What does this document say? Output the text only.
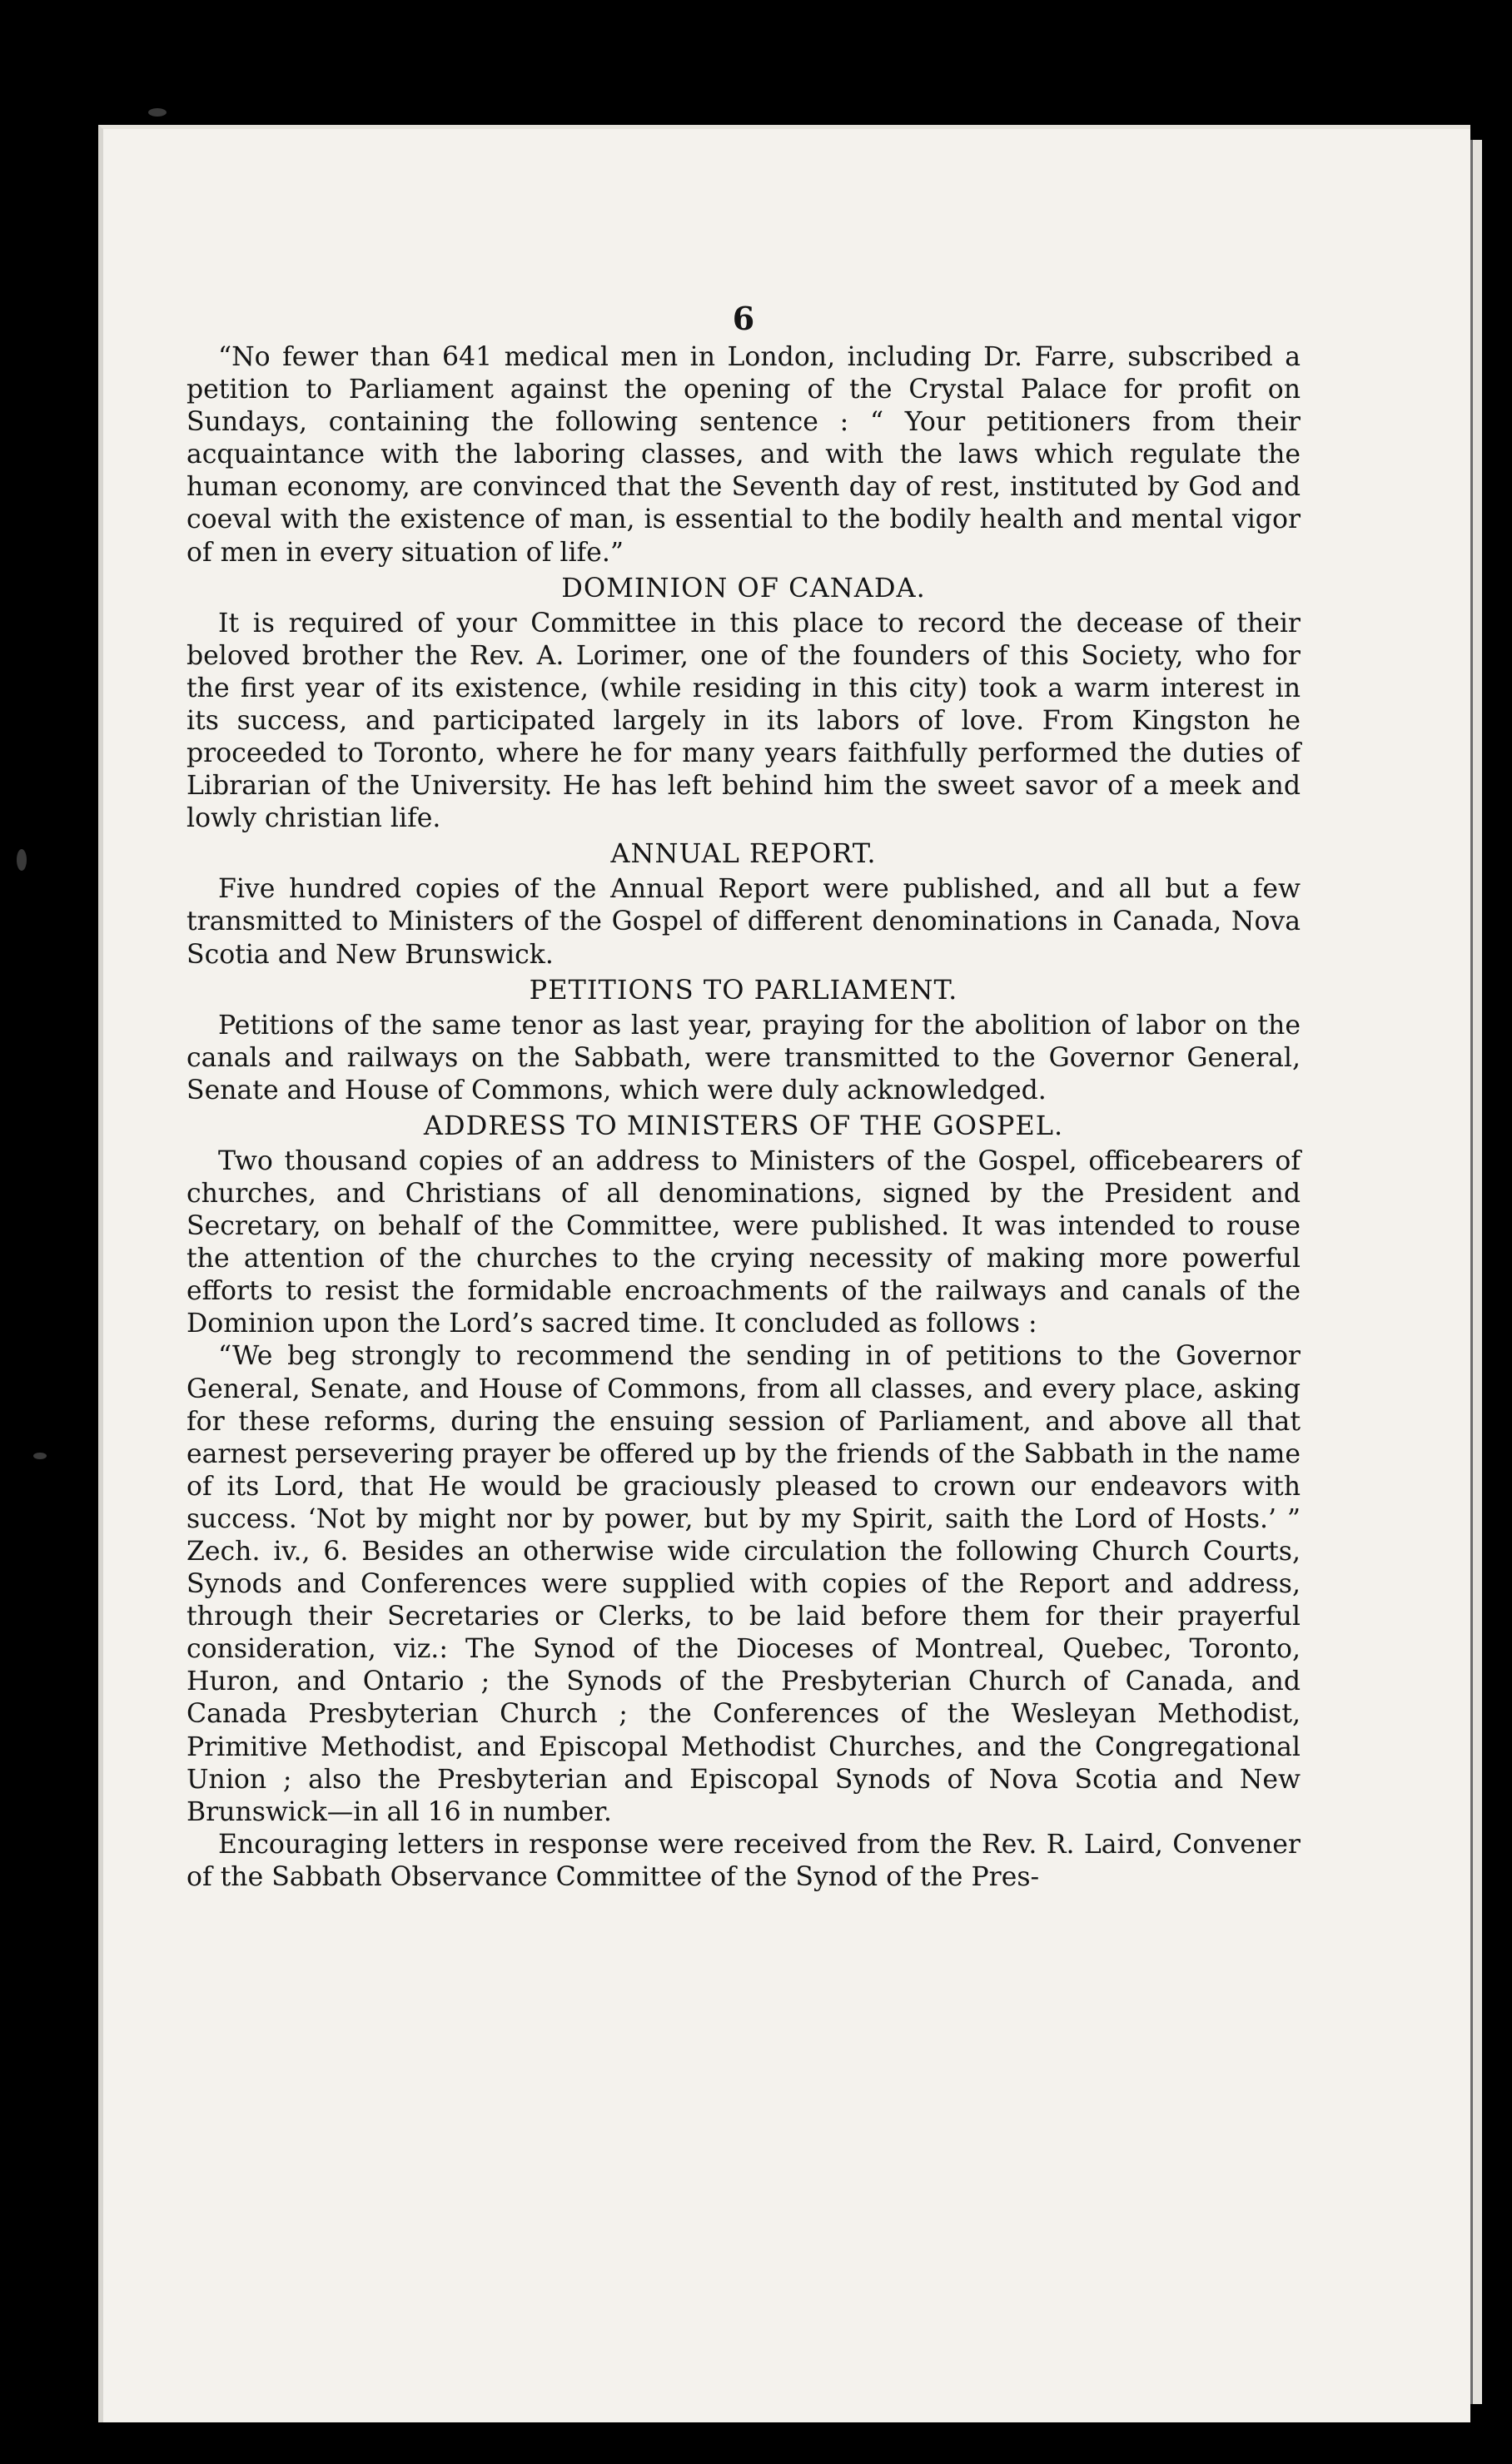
6

“No fewer than 641 medical men in London, including Dr. Farre, subscribed a petition to Parliament against the opening of the Crystal Palace for profit on Sundays, containing the following sentence : “ Your petitioners from their acquaintance with the laboring classes, and with the laws which regulate the human economy, are convinced that the Seventh day of rest, instituted by God and coeval with the existence of man, is essential to the bodily health and mental vigor of men in every situation of life.”

DOMINION OF CANADA.

It is required of your Committee in this place to record the decease of their beloved brother the Rev. A. Lorimer, one of the founders of this Society, who for the first year of its existence, (while residing in this city) took a warm interest in its success, and participated largely in its labors of love. From Kingston he proceeded to Toronto, where he for many years faithfully performed the duties of Librarian of the University. He has left behind him the sweet savor of a meek and lowly christian life.

ANNUAL REPORT.

Five hundred copies of the Annual Report were published, and all but a few transmitted to Ministers of the Gospel of different denominations in Canada, Nova Scotia and New Brunswick.

PETITIONS TO PARLIAMENT.

Petitions of the same tenor as last year, praying for the abolition of labor on the canals and railways on the Sabbath, were transmitted to the Governor General, Senate and House of Commons, which were duly acknowledged.

ADDRESS TO MINISTERS OF THE GOSPEL.

Two thousand copies of an address to Ministers of the Gospel, officebearers of churches, and Christians of all denominations, signed by the President and Secretary, on behalf of the Committee, were published. It was intended to rouse the attention of the churches to the crying necessity of making more powerful efforts to resist the formidable encroachments of the railways and canals of the Dominion upon the Lord’s sacred time. It concluded as follows :

“We beg strongly to recommend the sending in of petitions to the Governor General, Senate, and House of Commons, from all classes, and every place, asking for these reforms, during the ensuing session of Parliament, and above all that earnest persevering prayer be offered up by the friends of the Sabbath in the name of its Lord, that He would be graciously pleased to crown our endeavors with success. ‘Not by might nor by power, but by my Spirit, saith the Lord of Hosts.’ ” Zech. iv., 6. Besides an otherwise wide circulation the following Church Courts, Synods and Conferences were supplied with copies of the Report and address, through their Secretaries or Clerks, to be laid before them for their prayerful consideration, viz.: The Synod of the Dioceses of Montreal, Quebec, Toronto, Huron, and Ontario ; the Synods of the Presbyterian Church of Canada, and Canada Presbyterian Church ; the Conferences of the Wesleyan Methodist, Primitive Methodist, and Episcopal Methodist Churches, and the Congregational Union ; also the Presbyterian and Episcopal Synods of Nova Scotia and New Brunswick—in all 16 in number.

Encouraging letters in response were received from the Rev. R. Laird, Convener of the Sabbath Observance Committee of the Synod of the Pres-
